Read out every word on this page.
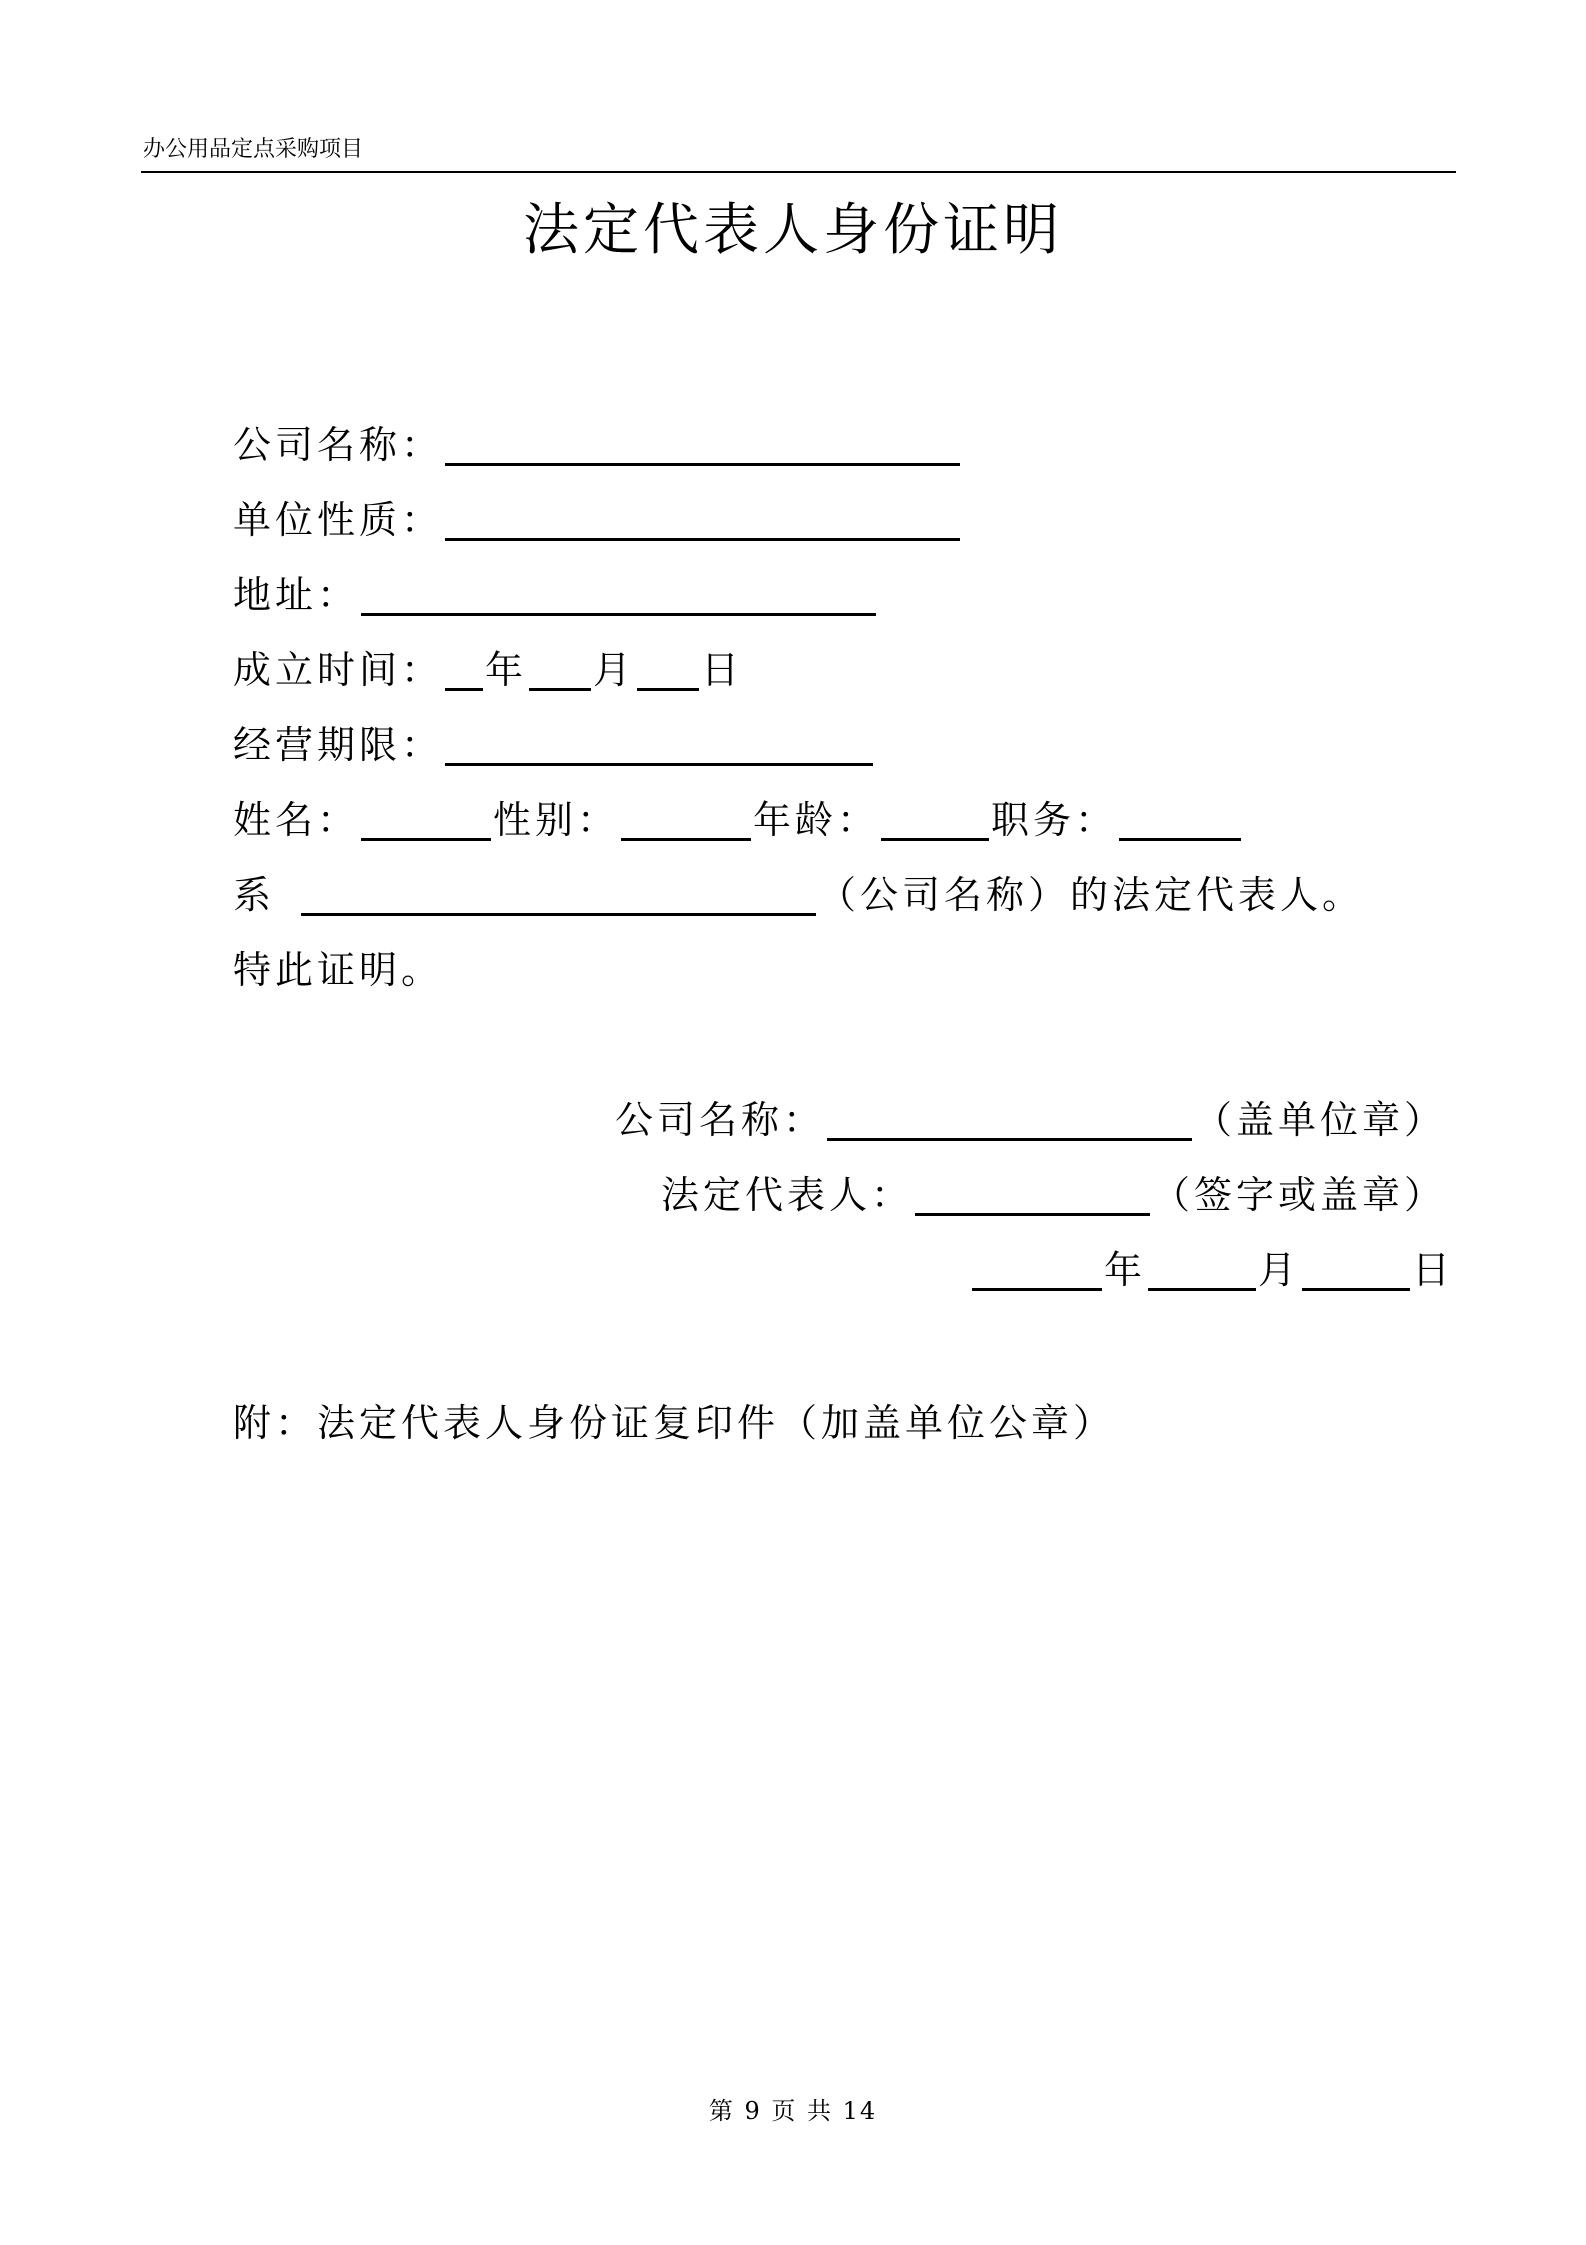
办公用品定点采购项目
法定代表人身份证明
公司名称：
单位性质：
地址：
成立时间： 年 月 日
经营期限：
姓名：	性别：	年龄：	职务：
系	（公司名称）的法定代表人。
特此证明。
公司名称：	（盖单位章）
法定代表人：	（签字或盖章）
年	月	日
附：法定代表人身份证复印件（加盖单位公章）
第 9 页 共 14
